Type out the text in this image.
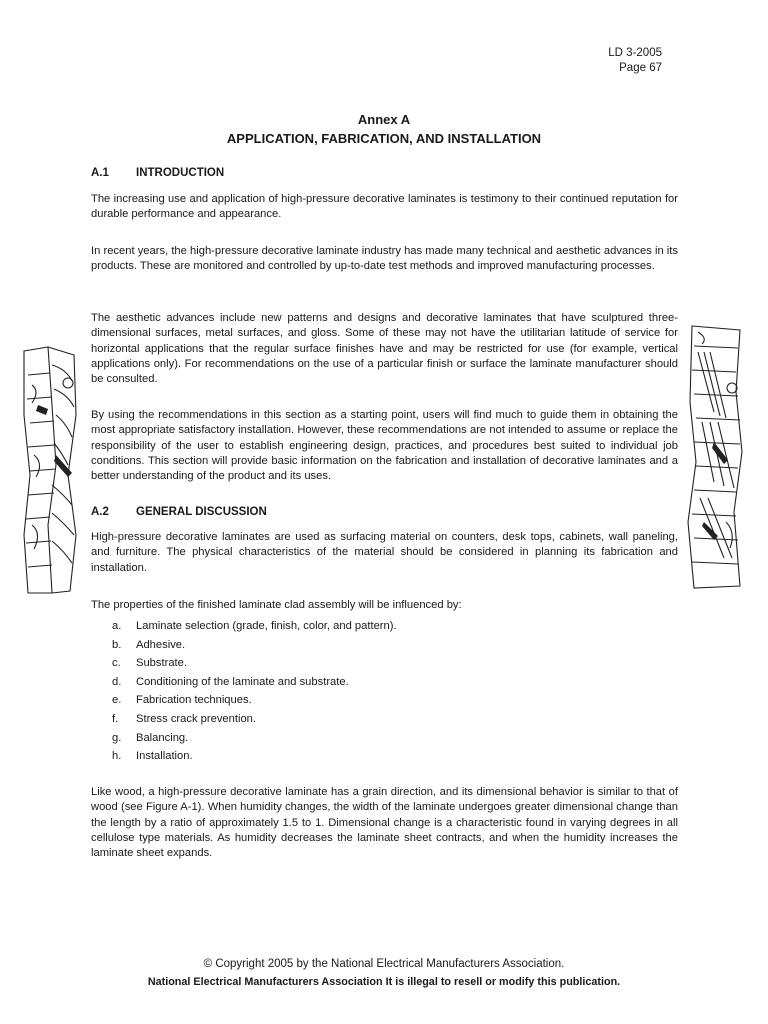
LD 3-2005
Page 67
Annex A
APPLICATION, FABRICATION, AND INSTALLATION
A.1 INTRODUCTION

The increasing use and application of high-pressure decorative laminates is testimony to their continued reputation for durable performance and appearance.

In recent years, the high-pressure decorative laminate industry has made many technical and aesthetic advances in its products. These are monitored and controlled by up-to-date test methods and improved manufacturing processes.

The aesthetic advances include new patterns and designs and decorative laminates that have sculptured three-dimensional surfaces, metal surfaces, and gloss. Some of these may not have the utilitarian latitude of service for horizontal applications that the regular surface finishes have and may be restricted for use (for example, vertical applications only). For recommendations on the use of a particular finish or surface the laminate manufacturer should be consulted.

By using the recommendations in this section as a starting point, users will find much to guide them in obtaining the most appropriate satisfactory installation. However, these recommendations are not intended to assume or replace the responsibility of the user to establish engineering design, practices, and procedures best suited to individual job conditions. This section will provide basic information on the fabrication and installation of decorative laminates and a better understanding of the product and its uses.

A.2 GENERAL DISCUSSION

High-pressure decorative laminates are used as surfacing material on counters, desk tops, cabinets, wall paneling, and furniture. The physical characteristics of the material should be considered in planning its fabrication and installation.

The properties of the finished laminate clad assembly will be influenced by:

a.	Laminate selection (grade, finish, color, and pattern).
b.	Adhesive.
c.	Substrate.
d.	Conditioning of the laminate and substrate.
e.	Fabrication techniques.
f.	Stress crack prevention.
g.	Balancing.
h.	Installation.

Like wood, a high-pressure decorative laminate has a grain direction, and its dimensional behavior is similar to that of wood (see Figure A-1). When humidity changes, the width of the laminate undergoes greater dimensional change than the length by a ratio of approximately 1.5 to 1. Dimensional change is a characteristic found in varying degrees in all cellulose type materials. As humidity decreases the laminate sheet contracts, and when the humidity increases the laminate sheet expands.

© Copyright 2005 by the National Electrical Manufacturers Association.
National Electrical Manufacturers Association It is illegal to resell or modify this publication.
